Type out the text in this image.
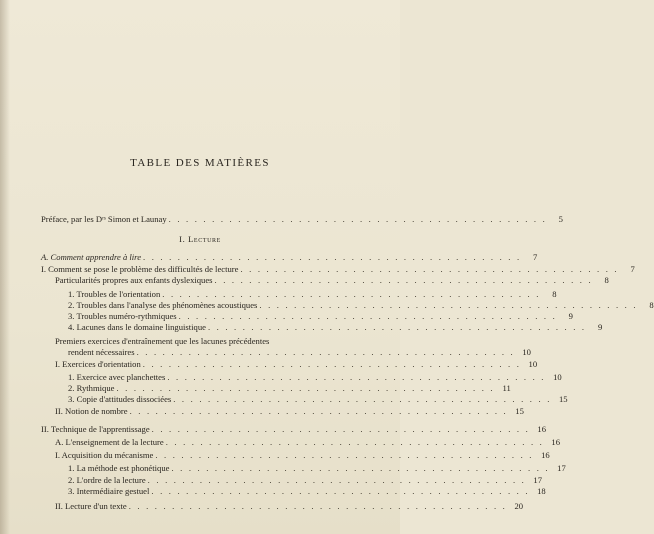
TABLE DES MATIÈRES
Préface, par les Dʳˢ Simon et Launay . . . . . . . . . . . . . . . . . . . . . . . . . . . . . . . . . . . . . . . . . . . .	5
I. Lecture
A. Comment apprendre à lire . . . . . . . . . . . . . . . . . . . . . . . . . . . . . . . . . . . . . . . . . . . .	7
I. Comment se pose le problème des difficultés de lecture . . . . . . . . . . . . . . . . . . . . . . . . . . . . . . . . . . . . . . . . . . . .	7
Particularités propres aux enfants dyslexiques . . . . . . . . . . . . . . . . . . . . . . . . . . . . . . . . . . . . . . . . . . . .	8
1. Troubles de l'orientation . . . . . . . . . . . . . . . . . . . . . . . . . . . . . . . . . . . . . . . . . . . .	8
2. Troubles dans l'analyse des phénomènes acoustiques . . . . . . . . . . . . . . . . . . . . . . . . . . . . . . . . . . . . . . . . . . . .	8
3. Troubles numéro-rythmiques . . . . . . . . . . . . . . . . . . . . . . . . . . . . . . . . . . . . . . . . . . . .	9
4. Lacunes dans le domaine linguistique . . . . . . . . . . . . . . . . . . . . . . . . . . . . . . . . . . . . . . . . . . . .	9
Premiers exercices d'entraînement que les lacunes précédentes
rendent nécessaires . . . . . . . . . . . . . . . . . . . . . . . . . . . . . . . . . . . . . . . . . . . . 10
I. Exercices d'orientation . . . . . . . . . . . . . . . . . . . . . . . . . . . . . . . . . . . . . . . . . . . . 10
1. Exercice avec planchettes . . . . . . . . . . . . . . . . . . . . . . . . . . . . . . . . . . . . . . . . . . . . 10
2. Rythmique . . . . . . . . . . . . . . . . . . . . . . . . . . . . . . . . . . . . . . . . . . . . 11
3. Copie d'attitudes dissociées . . . . . . . . . . . . . . . . . . . . . . . . . . . . . . . . . . . . . . . . . . . . 15
II. Notion de nombre . . . . . . . . . . . . . . . . . . . . . . . . . . . . . . . . . . . . . . . . . . . . 15
II. Technique de l'apprentissage . . . . . . . . . . . . . . . . . . . . . . . . . . . . . . . . . . . . . . . . . . . . 16
A. L'enseignement de la lecture . . . . . . . . . . . . . . . . . . . . . . . . . . . . . . . . . . . . . . . . . . . . 16
I. Acquisition du mécanisme . . . . . . . . . . . . . . . . . . . . . . . . . . . . . . . . . . . . . . . . . . . . 16
1. La méthode est phonétique . . . . . . . . . . . . . . . . . . . . . . . . . . . . . . . . . . . . . . . . . . . . 17
2. L'ordre de la lecture . . . . . . . . . . . . . . . . . . . . . . . . . . . . . . . . . . . . . . . . . . . . 17
3. Intermédiaire gestuel . . . . . . . . . . . . . . . . . . . . . . . . . . . . . . . . . . . . . . . . . . . . 18
II. Lecture d'un texte . . . . . . . . . . . . . . . . . . . . . . . . . . . . . . . . . . . . . . . . . . . . 20
